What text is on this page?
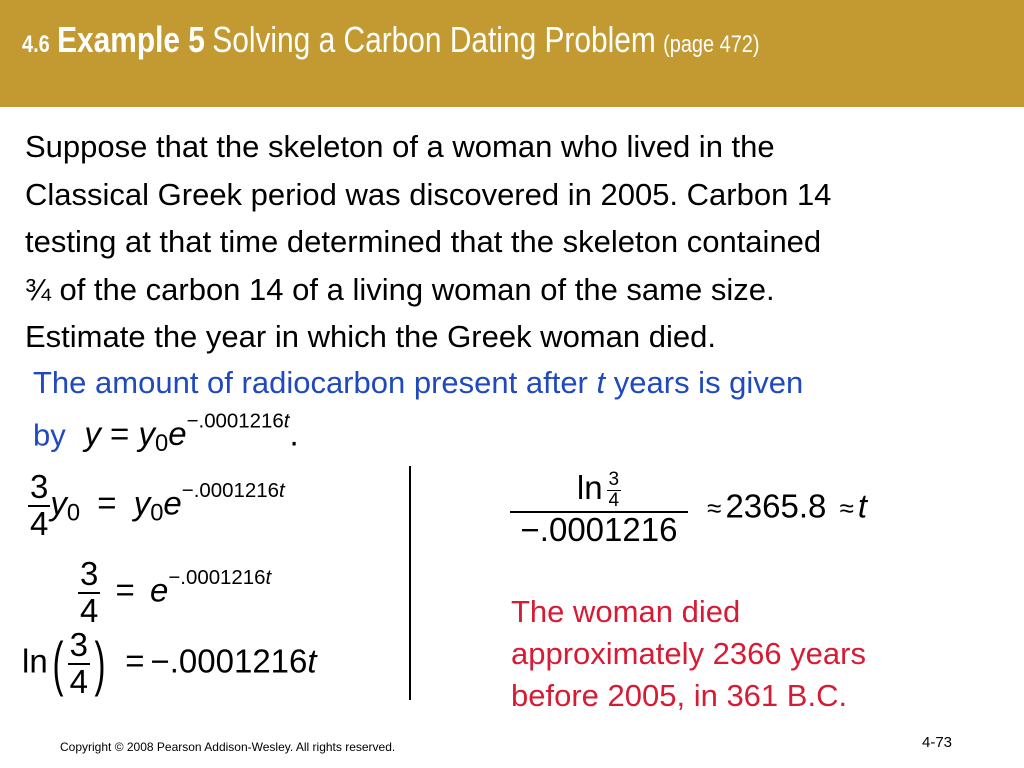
4.6 Example 5 Solving a Carbon Dating Problem (page 472)

Suppose that the skeleton of a woman who lived in the
Classical Greek period was discovered in 2005. Carbon 14
testing at that time determined that the skeleton contained
¾ of the carbon 14 of a living woman of the same size.
Estimate the year in which the Greek woman died.

The amount of radiocarbon present after t years is given
by $y = y_0e^{-.0001216t}$.
$\frac{3}{4} y_0 = y_0e^{-.0001216t}$
$\frac{3}{4} = e^{-.0001216t}$
$\ln( \frac{3}{4}$ ) = −.0001216t
$\frac{\ln \frac{3}{4}}{-.0001216} \approx 2365.8 \approx t$
The woman died
approximately 2366 years
before 2005, in 361 B.C.
Copyright © 2008 Pearson Addison-Wesley. All rights reserved.	4-73
